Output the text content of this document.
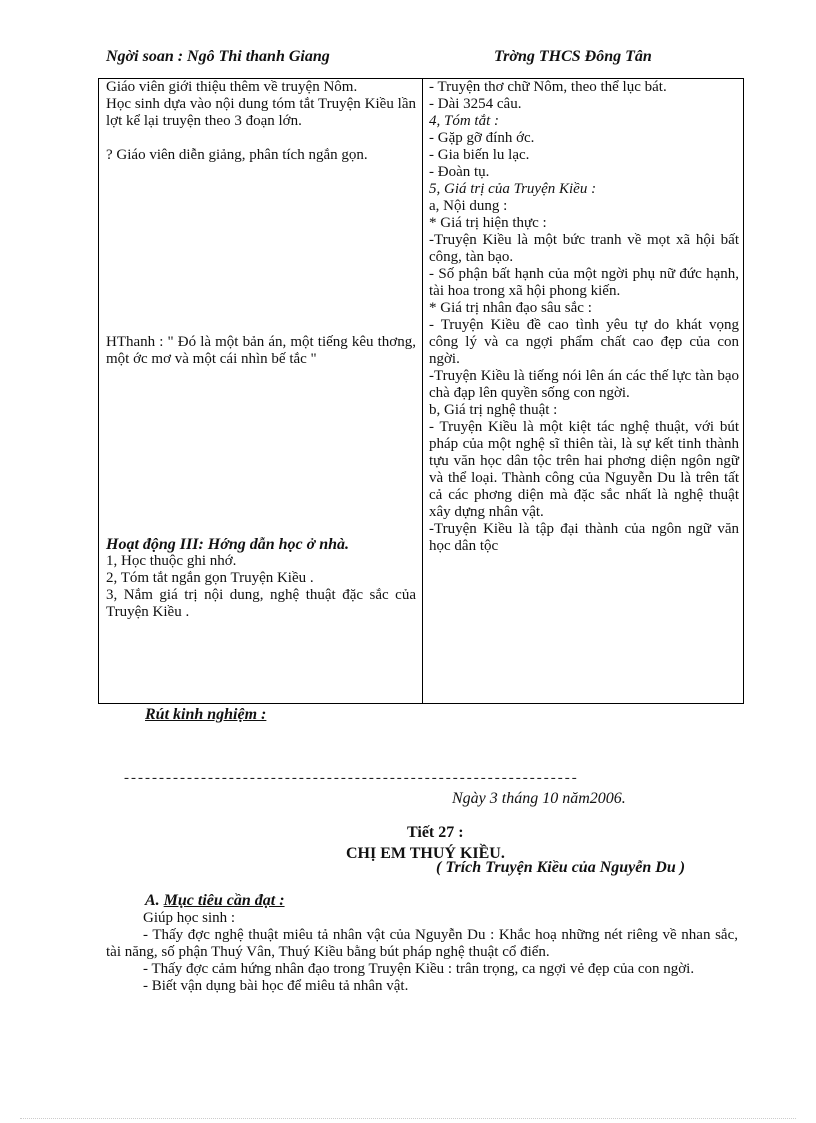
Ngời soan : Ngô Thi thanh Giang	Trờng THCS Đông Tân

Giáo viên giới thiệu thêm về truyện Nôm.

Học sinh dựa vào nội dung tóm tắt Truyện Kiều lần lợt kể lại truyện theo 3 đoạn lớn.

? Giáo viên diễn giảng, phân tích ngắn gọn.

HThanh : " Đó là một bản án, một tiếng kêu thơng, một ớc mơ và một cái nhìn bế tắc "

Hoạt động III: Hớng dẫn học ở nhà.

1, Học thuộc ghi nhớ.

2, Tóm tắt ngắn gọn Truyện Kiều .

3, Nắm giá trị nội dung, nghệ thuật đặc sắc của Truyện Kiều .

- Truyện thơ chữ Nôm, theo thể lục bát.

- Dài 3254 câu.

4, Tóm tắt :

- Gặp gỡ đính ớc.

- Gia biến lu lạc.

- Đoàn tụ.

5, Giá trị của Truyện Kiều :

a, Nội dung :

* Giá trị hiện thực :

-Truyện Kiều là một bức tranh về mọt xã hội bất công, tàn bạo.

- Số phận bất hạnh của một ngời phụ nữ đức hạnh, tài hoa trong xã hội phong kiến.

* Giá trị nhân đạo sâu sắc :

- Truyện Kiều đề cao tình yêu tự do khát vọng công lý và ca ngợi phẩm chất cao đẹp của con ngời.

-Truyện Kiều là tiếng nói lên án các thế lực tàn bạo chà đạp lên quyền sống con ngời.

b, Giá trị nghệ thuật :

- Truyện Kiều là một kiệt tác nghệ thuật, với bút pháp của một nghệ sĩ thiên tài, là sự kết tinh thành tựu văn học dân tộc trên hai phơng diện ngôn ngữ và thể loại. Thành công của Nguyễn Du là trên tất cả các phơng diện mà đặc sắc nhất là nghệ thuật xây dựng nhân vật.

-Truyện Kiều là tập đại thành của ngôn ngữ văn học dân tộc

Rút kinh nghiệm :
-----------------------------------------------------------------
Ngày 3 tháng 10 năm2006.
Tiết 27 :
CHỊ EM THUÝ KIỀU.
( Trích Truyện Kiều của Nguyễn Du )
A. Mục tiêu cần đạt :

Giúp học sinh :

- Thấy đợc nghệ thuật miêu tả nhân vật của Nguyễn Du : Khắc hoạ những nét riêng về nhan sắc, tài năng, số phận Thuý Vân, Thuý Kiều bằng bút pháp nghệ thuật cổ điển.

- Thấy đợc cảm hứng nhân đạo trong Truyện Kiều : trân trọng, ca ngợi vẻ đẹp của con ngời.

- Biết vận dụng bài học để miêu tả nhân vật.
